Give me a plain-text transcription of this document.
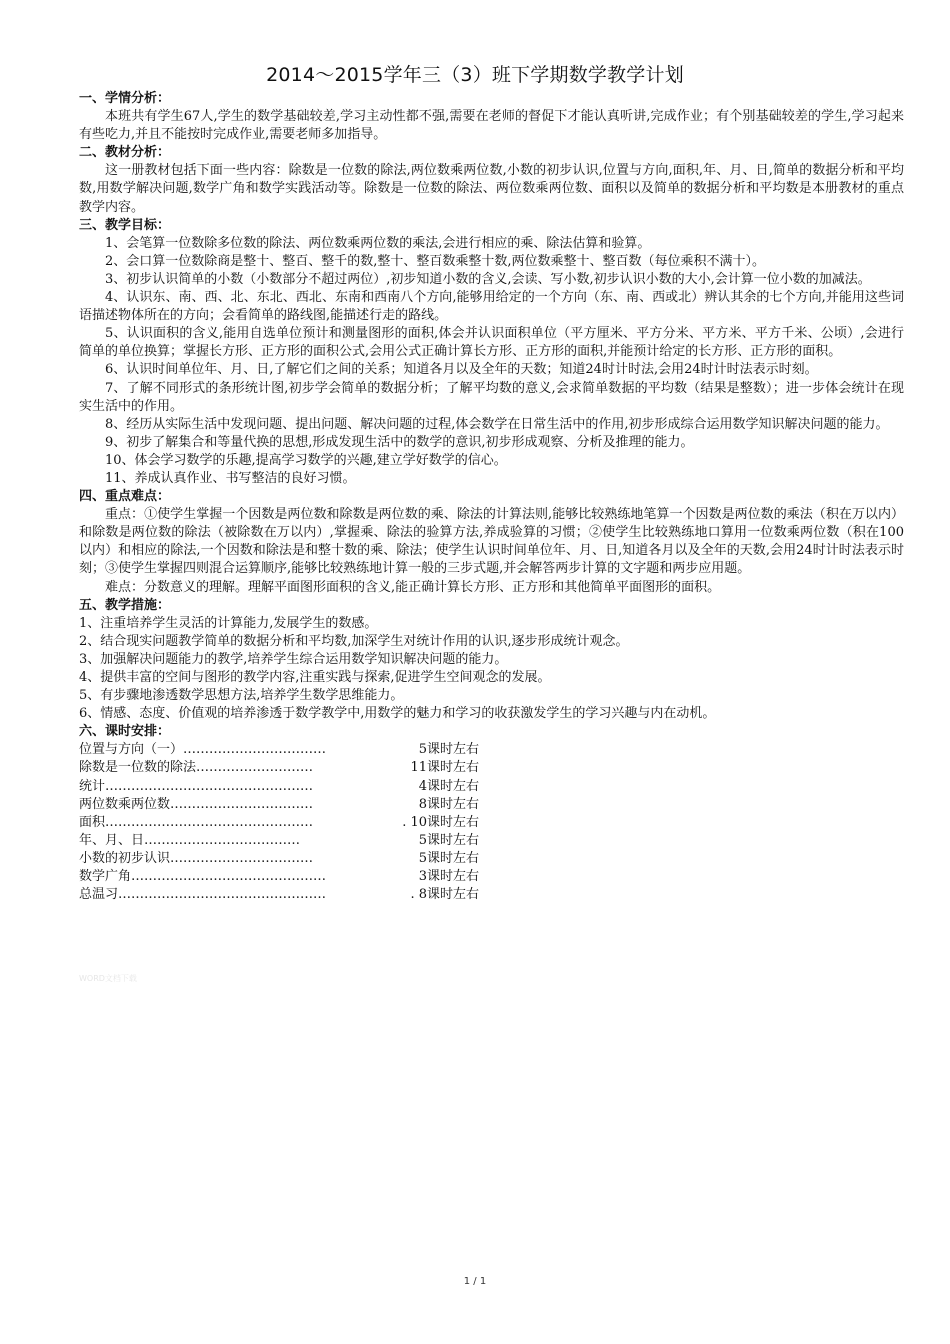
2014～2015学年三（3）班下学期数学教学计划
一、学情分析：
本班共有学生67人,学生的数学基础较差,学习主动性都不强,需要在老师的督促下才能认真听讲,完成作业；有个别基础较差的学生,学习起来有些吃力,并且不能按时完成作业,需要老师多加指导。
二、教材分析：
这一册教材包括下面一些内容：除数是一位数的除法,两位数乘两位数,小数的初步认识,位置与方向,面积,年、月、日,简单的数据分析和平均数,用数学解决问题,数学广角和数学实践活动等。除数是一位数的除法、两位数乘两位数、面积以及简单的数据分析和平均数是本册教材的重点教学内容。
三、教学目标：
1、会笔算一位数除多位数的除法、两位数乘两位数的乘法,会进行相应的乘、除法估算和验算。
2、会口算一位数除商是整十、整百、整千的数,整十、整百数乘整十数,两位数乘整十、整百数（每位乘积不满十）。
3、初步认识简单的小数（小数部分不超过两位）,初步知道小数的含义,会读、写小数,初步认识小数的大小,会计算一位小数的加减法。
4、认识东、南、西、北、东北、西北、东南和西南八个方向,能够用给定的一个方向（东、南、西或北）辨认其余的七个方向,并能用这些词语描述物体所在的方向；会看简单的路线图,能描述行走的路线。
5、认识面积的含义,能用自选单位预计和测量图形的面积,体会并认识面积单位（平方厘米、平方分米、平方米、平方千米、公顷）,会进行简单的单位换算；掌握长方形、正方形的面积公式,会用公式正确计算长方形、正方形的面积,并能预计给定的长方形、正方形的面积。
6、认识时间单位年、月、日,了解它们之间的关系；知道各月以及全年的天数；知道24时计时法,会用24时计时法表示时刻。
7、了解不同形式的条形统计图,初步学会简单的数据分析；了解平均数的意义,会求简单数据的平均数（结果是整数）；进一步体会统计在现实生活中的作用。
8、经历从实际生活中发现问题、提出问题、解决问题的过程,体会数学在日常生活中的作用,初步形成综合运用数学知识解决问题的能力。
9、初步了解集合和等量代换的思想,形成发现生活中的数学的意识,初步形成观察、分析及推理的能力。
10、体会学习数学的乐趣,提高学习数学的兴趣,建立学好数学的信心。
11、养成认真作业、书写整洁的良好习惯。
四、重点难点：
重点：①使学生掌握一个因数是两位数和除数是两位数的乘、除法的计算法则,能够比较熟练地笔算一个因数是两位数的乘法（积在万以内）和除数是两位数的除法（被除数在万以内）,掌握乘、除法的验算方法,养成验算的习惯；②使学生比较熟练地口算用一位数乘两位数（积在100以内）和相应的除法,一个因数和除法是和整十数的乘、除法；使学生认识时间单位年、月、日,知道各月以及全年的天数,会用24时计时法表示时刻；③使学生掌握四则混合运算顺序,能够比较熟练地计算一般的三步式题,并会解答两步计算的文字题和两步应用题。
难点：分数意义的理解。理解平面图形面积的含义,能正确计算长方形、正方形和其他简单平面图形的面积。
五、教学措施：
1、注重培养学生灵活的计算能力,发展学生的数感。
2、结合现实问题教学简单的数据分析和平均数,加深学生对统计作用的认识,逐步形成统计观念。
3、加强解决问题能力的教学,培养学生综合运用数学知识解决问题的能力。
4、提供丰富的空间与图形的教学内容,注重实践与探索,促进学生空间观念的发展。
5、有步骤地渗透数学思想方法,培养学生数学思维能力。
6、情感、态度、价值观的培养渗透于数学教学中,用数学的魅力和学习的收获激发学生的学习兴趣与内在动机。
六、课时安排：
位置与方向（一） ……………………………	5课时左右
除数是一位数的除法 ………………………	11课时左右
统计 …………………………………………	4课时左右
两位数乘两位数 ……………………………	8课时左右
面积 …………………………………………	. 10课时左右
年、月、日 ………………………………	5课时左右
小数的初步认识 ……………………………	5课时左右
数学广角 ………………………………………	3课时左右
总温习 …………………………………………	. 8课时左右
WORD文档下载
1 / 1
